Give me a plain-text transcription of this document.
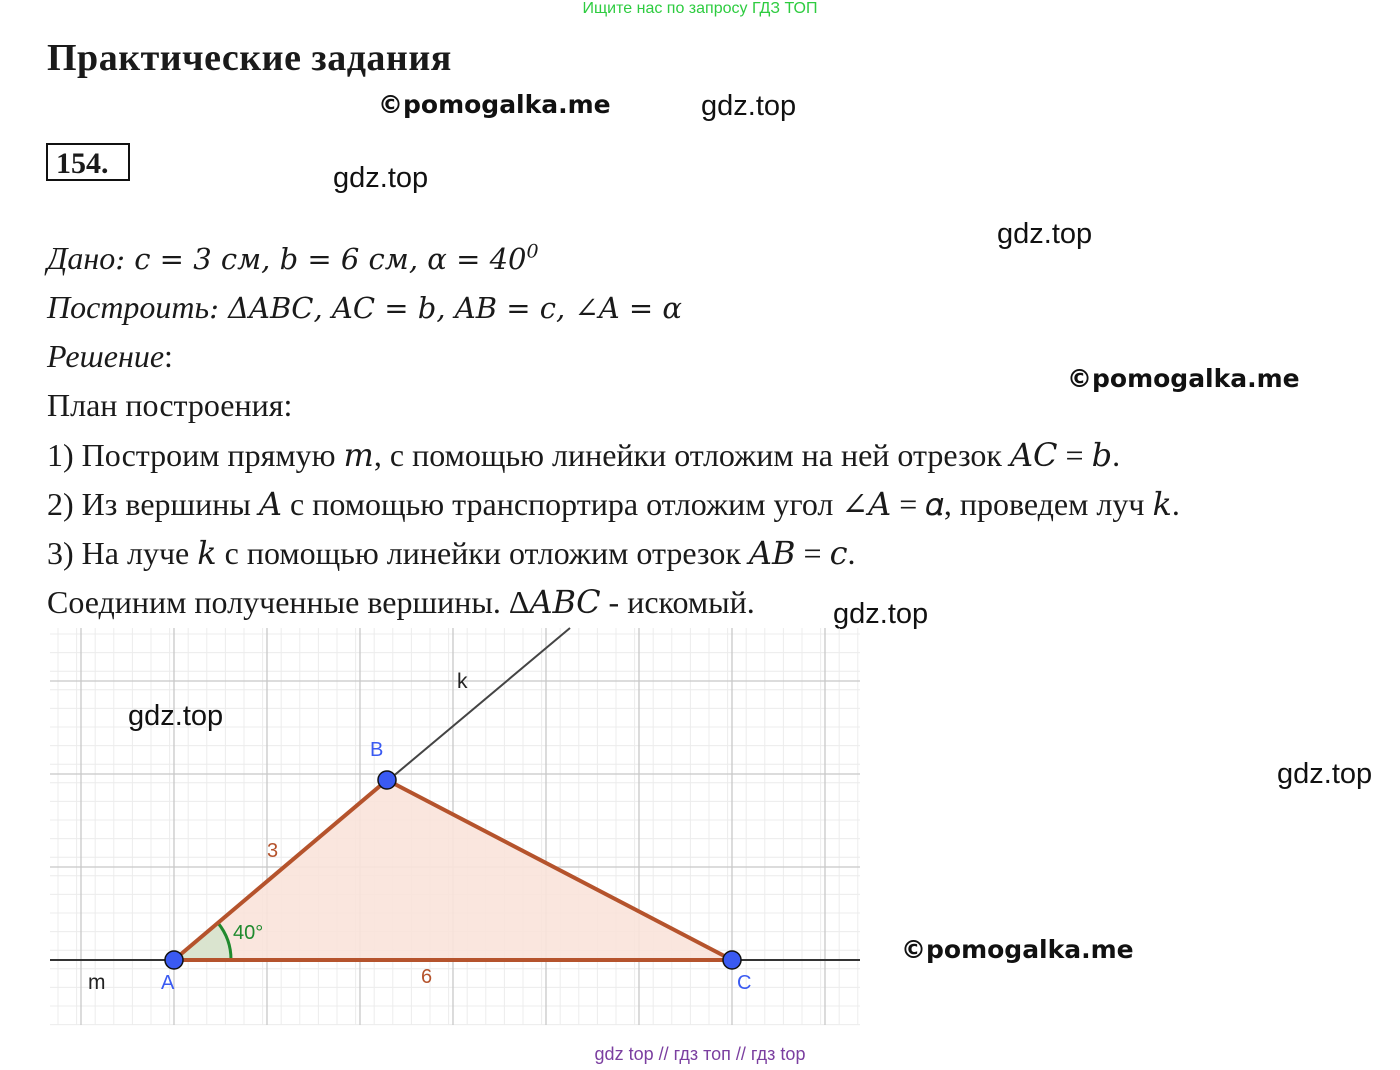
Ищите нас по запросу ГДЗ ТОП
Практические задания
©pomogalka.me	gdz.top
154.	gdz.top
gdz.top
Дано: 𝑐 = 3 см, 𝑏 = 6 см, 𝛼 = $40^0$
Построить: Δ𝐴𝐵𝐶, 𝐴𝐶 = 𝑏, 𝐴𝐵 = 𝑐, ∠𝐴 = 𝛼
Решение:
©pomogalka.me
План построения:
1) Построим прямую 𝑚, с помощью линейки отложим на ней отрезок 𝐴𝐶 = 𝑏.
2) Из вершины 𝐴 с помощью транспортира отложим угол ∠𝐴 = 𝛼, проведем луч 𝑘.
3) На луче 𝑘 с помощью линейки отложим отрезок 𝐴𝐵 = 𝑐.
Соединим полученные вершины. Δ𝐴𝐵𝐶 - искомый.	gdz.top
A
B
C
m
k
3
6
40°
gdz.top
gdz.top
©pomogalka.me
gdz top // гдз топ // гдз top
